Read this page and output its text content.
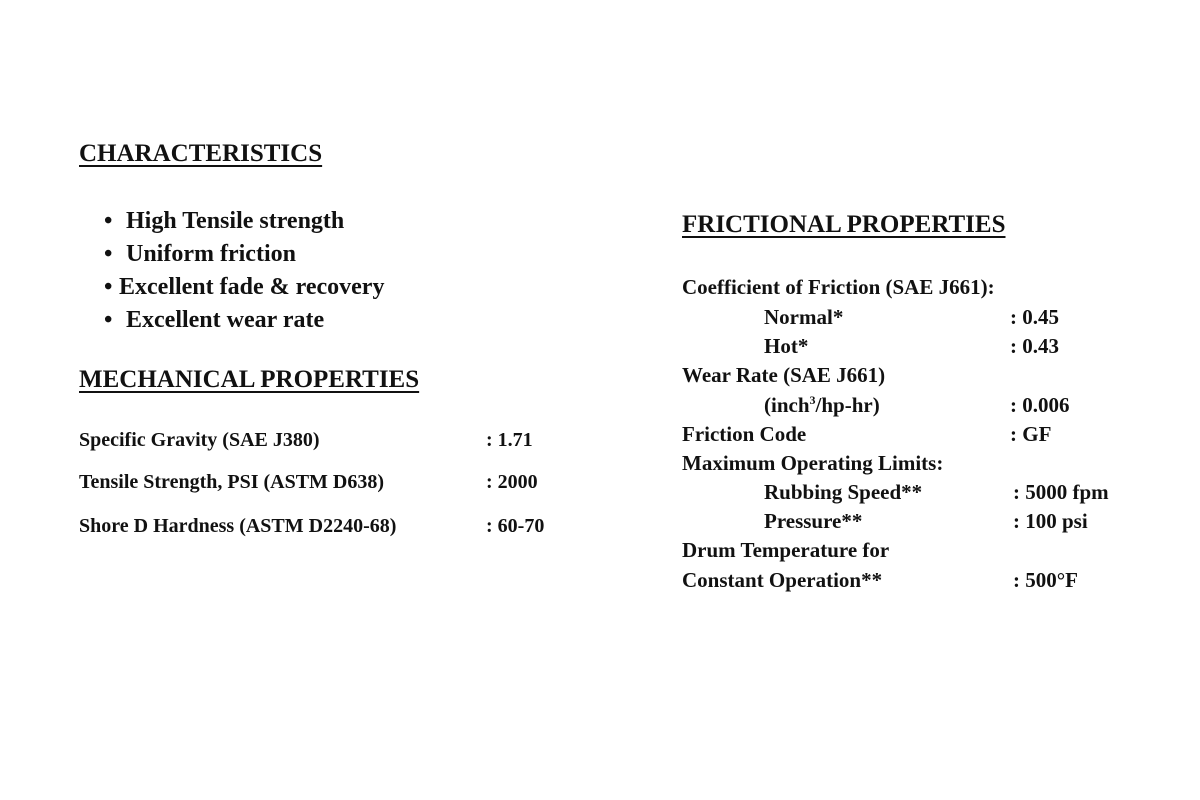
CHARACTERISTICS
• High Tensile strength
• Uniform friction
• Excellent fade & recovery
• Excellent wear rate
MECHANICAL PROPERTIES
Specific Gravity (SAE J380)	: 1.71
Tensile Strength, PSI (ASTM D638)	: 2000
Shore D Hardness (ASTM D2240-68)	: 60-70
FRICTIONAL PROPERTIES
Coefficient of Friction (SAE J661):
Normal*	: 0.45
Hot*	: 0.43
Wear Rate (SAE J661)
(inch$^3$/hp-hr)	: 0.006
Friction Code	: GF
Maximum Operating Limits:
Rubbing Speed**	: 5000 fpm
Pressure**	: 100 psi
Drum Temperature for
Constant Operation**	: 500°F
